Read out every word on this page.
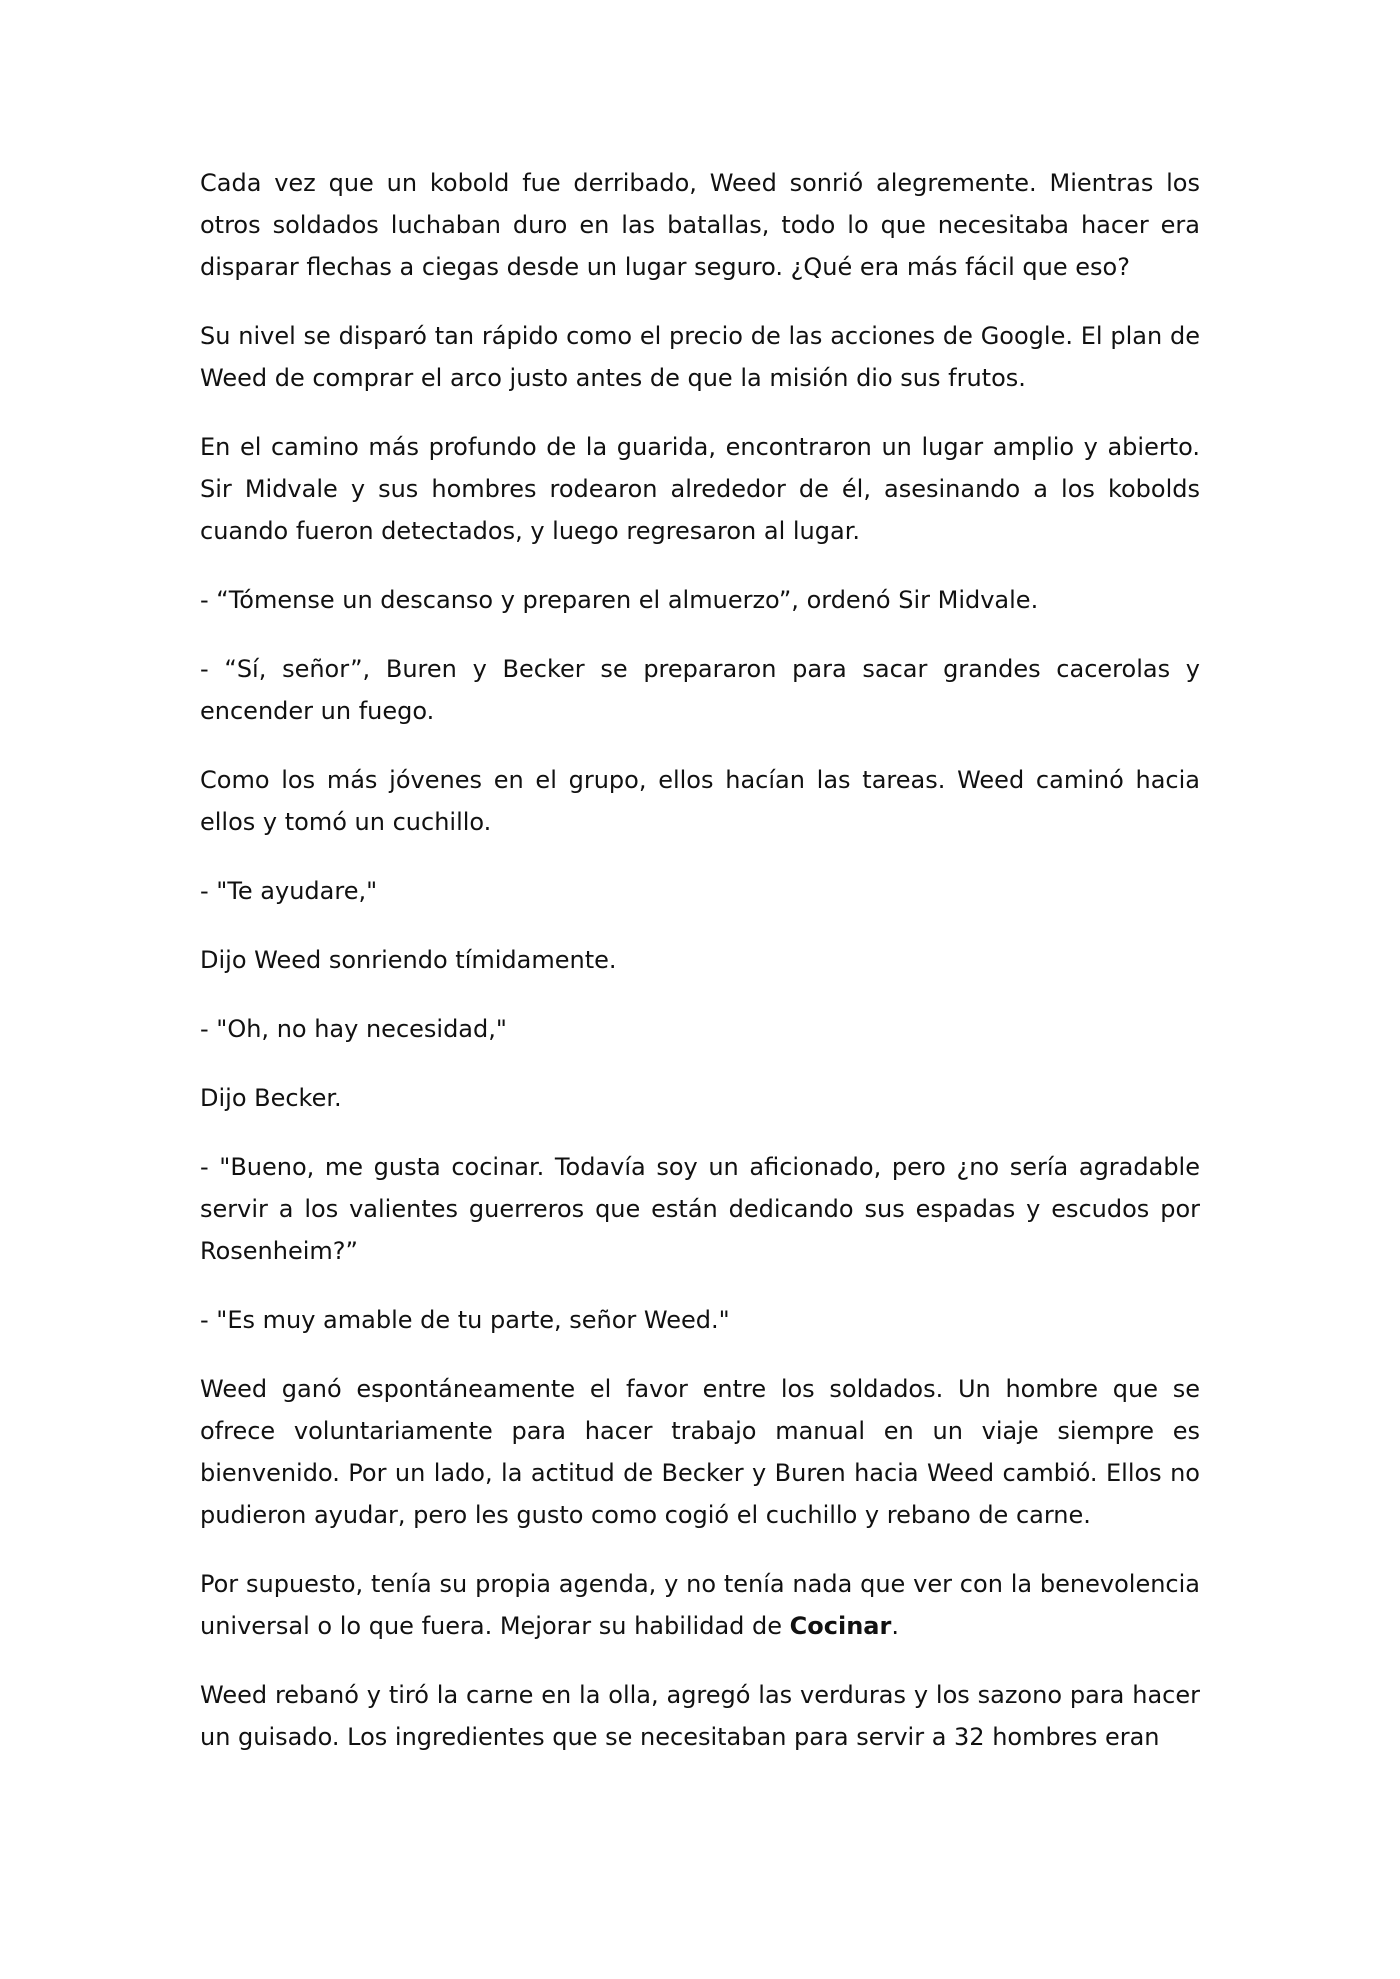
Cada vez que un kobold fue derribado, Weed sonrió alegremente. Mientras los otros soldados luchaban duro en las batallas, todo lo que necesitaba hacer era disparar flechas a ciegas desde un lugar seguro. ¿Qué era más fácil que eso?

Su nivel se disparó tan rápido como el precio de las acciones de Google. El plan de Weed de comprar el arco justo antes de que la misión dio sus frutos.

En el camino más profundo de la guarida, encontraron un lugar amplio y abierto. Sir Midvale y sus hombres rodearon alrededor de él, asesinando a los kobolds cuando fueron detectados, y luego regresaron al lugar.

- “Tómense un descanso y preparen el almuerzo”, ordenó Sir Midvale.

- “Sí, señor”, Buren y Becker se prepararon para sacar grandes cacerolas y encender un fuego.

Como los más jóvenes en el grupo, ellos hacían las tareas. Weed caminó hacia ellos y tomó un cuchillo.

- "Te ayudare,"

Dijo Weed sonriendo tímidamente.

- "Oh, no hay necesidad,"

Dijo Becker.

- "Bueno, me gusta cocinar. Todavía soy un aficionado, pero ¿no sería agradable servir a los valientes guerreros que están dedicando sus espadas y escudos por Rosenheim?”

- "Es muy amable de tu parte, señor Weed."

Weed ganó espontáneamente el favor entre los soldados. Un hombre que se ofrece voluntariamente para hacer trabajo manual en un viaje siempre es bienvenido. Por un lado, la actitud de Becker y Buren hacia Weed cambió. Ellos no pudieron ayudar, pero les gusto como cogió el cuchillo y rebano de carne.

Por supuesto, tenía su propia agenda, y no tenía nada que ver con la benevolencia universal o lo que fuera. Mejorar su habilidad de Cocinar.

Weed rebanó y tiró la carne en la olla, agregó las verduras y los sazono para hacer un guisado. Los ingredientes que se necesitaban para servir a 32 hombres eran
